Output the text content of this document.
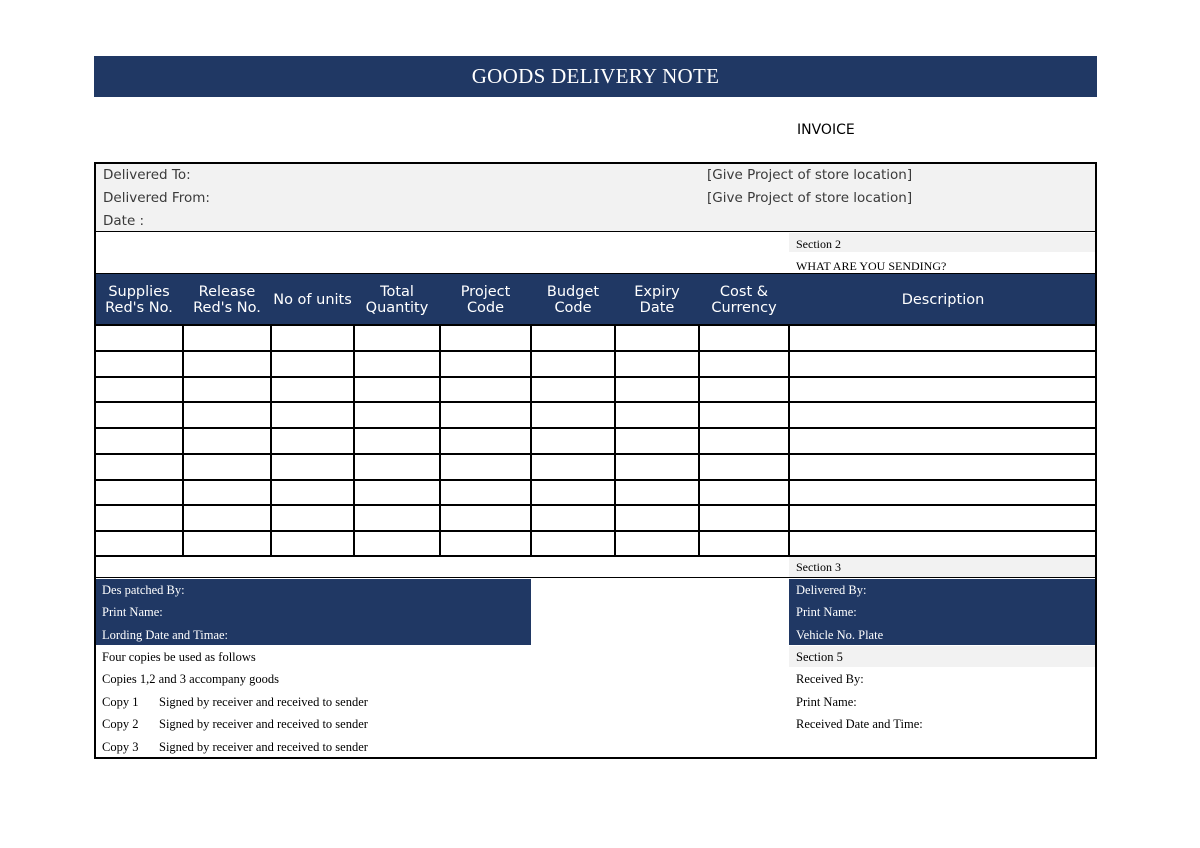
GOODS DELIVERY NOTE
INVOICE
Delivered To:
Delivered From:
Date :
[Give Project of store location]
[Give Project of store location]
Section 2
WHAT ARE YOU SENDING?
Supplies Red's No.
Release Red's No. No of units	Total Quantity
Project Code
Budget Code
Expiry Date
Cost & Currency	Description
Section 3
Des patched By:
Print Name:
Lording Date and Timae:
Delivered By:
Print Name:
Vehicle No. Plate
Four copies be used as follows
Copies 1,2 and 3 accompany goods
Copy 1 Signed by receiver and received to sender
Copy 2 Signed by receiver and received to sender
Copy 3 Signed by receiver and received to sender
Section 5
Received By:
Print Name:
Received Date and Time:
